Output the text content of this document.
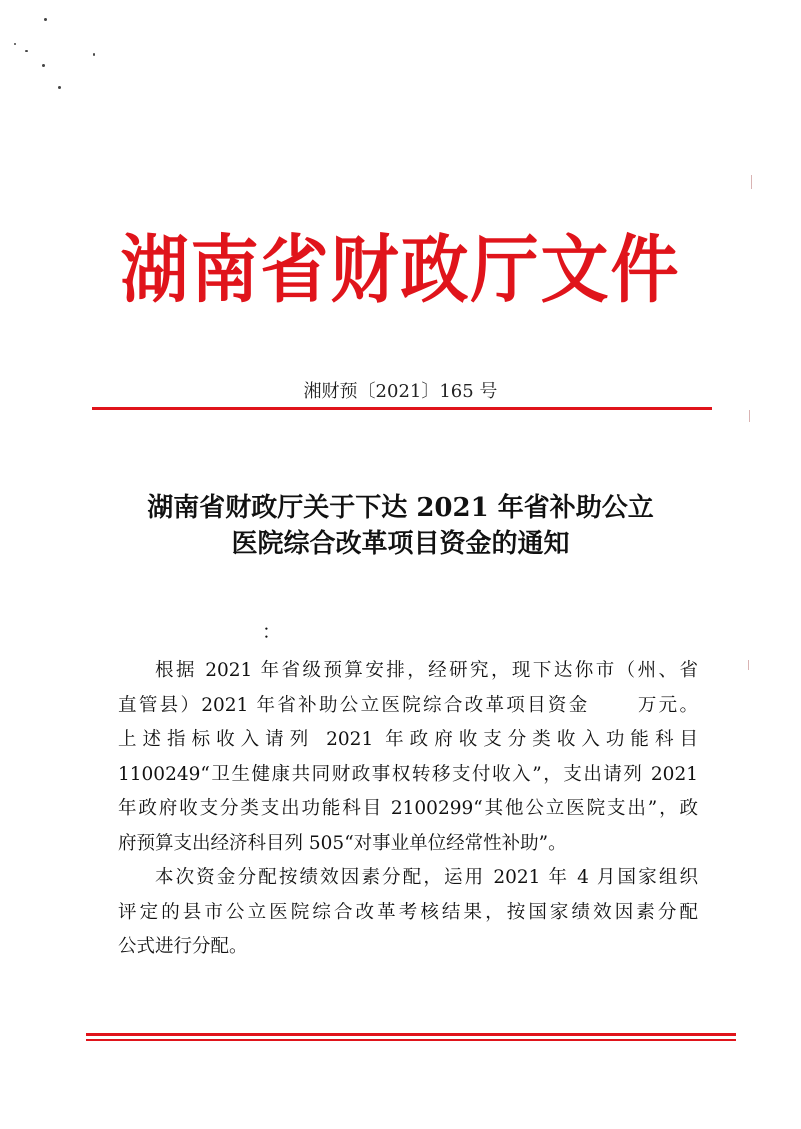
湖南省财政厅文件
湘财预〔2021〕165 号
湖南省财政厅关于下达 2021 年省补助公立
医院综合改革项目资金的通知
：
根据 2021 年省级预算安排，经研究，现下达你市（州、省
直管县）2021 年省补助公立医院综合改革项目资金 万元。
上述指标收入请列 2021 年政府收支分类收入功能科目
1100249“卫生健康共同财政事权转移支付收入”，支出请列 2021
年政府收支分类支出功能科目 2100299“其他公立医院支出”，政
府预算支出经济科目列 505“对事业单位经常性补助”。
本次资金分配按绩效因素分配，运用 2021 年 4 月国家组织
评定的县市公立医院综合改革考核结果，按国家绩效因素分配
公式进行分配。
